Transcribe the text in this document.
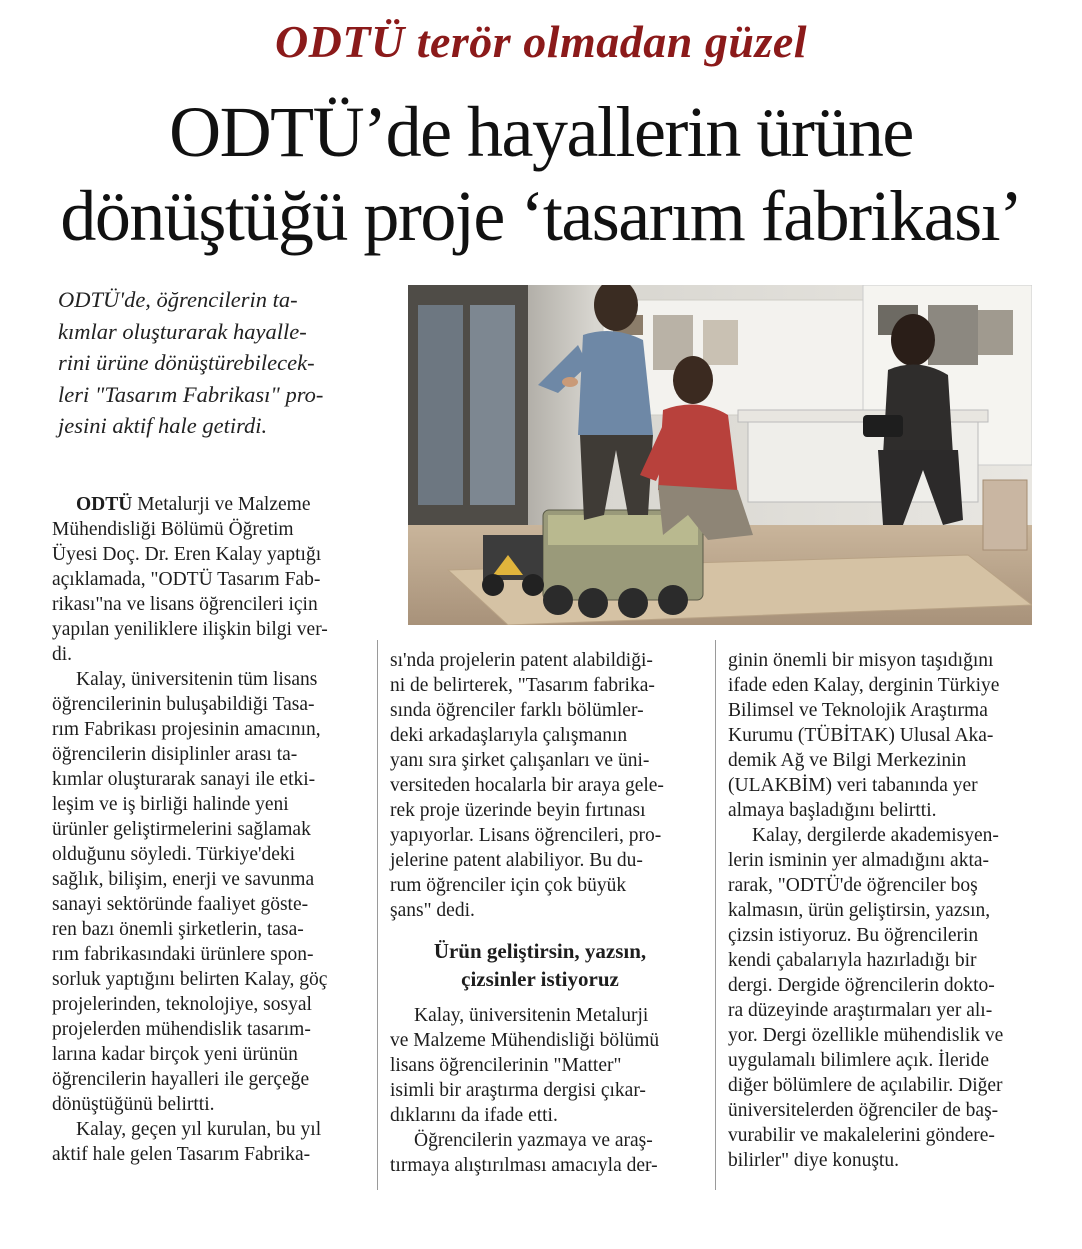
ODTÜ terör olmadan güzel
ODTÜ’de hayallerin ürüne
dönüştüğü proje ‘tasarım fabrikası’
ODTÜ'de, öğrencilerin ta-
kımlar oluşturarak hayalle-
rini ürüne dönüştürebilecek-
leri "Tasarım Fabrikası" pro-
jesini aktif hale getirdi.

ODTÜ Metalurji ve Malzeme

Mühendisliği Bölümü Öğretim

Üyesi Doç. Dr. Eren Kalay yaptığı

açıklamada, "ODTÜ Tasarım Fab-

rikası"na ve lisans öğrencileri için

yapılan yeniliklere ilişkin bilgi ver-

di.

Kalay, üniversitenin tüm lisans

öğrencilerinin buluşabildiği Tasa-

rım Fabrikası projesinin amacının,

öğrencilerin disiplinler arası ta-

kımlar oluşturarak sanayi ile etki-

leşim ve iş birliği halinde yeni

ürünler geliştirmelerini sağlamak

olduğunu söyledi. Türkiye'deki

sağlık, bilişim, enerji ve savunma

sanayi sektöründe faaliyet göste-

ren bazı önemli şirketlerin, tasa-

rım fabrikasındaki ürünlere spon-

sorluk yaptığını belirten Kalay, göç

projelerinden, teknolojiye, sosyal

projelerden mühendislik tasarım-

larına kadar birçok yeni ürünün

öğrencilerin hayalleri ile gerçeğe

dönüştüğünü belirtti.

Kalay, geçen yıl kurulan, bu yıl

aktif hale gelen Tasarım Fabrika-

sı'nda projelerin patent alabildiği-

ni de belirterek, "Tasarım fabrika-

sında öğrenciler farklı bölümler-

deki arkadaşlarıyla çalışmanın

yanı sıra şirket çalışanları ve üni-

versiteden hocalarla bir araya gele-

rek proje üzerinde beyin fırtınası

yapıyorlar. Lisans öğrencileri, pro-

jelerine patent alabiliyor. Bu du-

rum öğrenciler için çok büyük

şans" dedi.

Ürün geliştirsin, yazsın,
çizsinler istiyoruz

Kalay, üniversitenin Metalurji

ve Malzeme Mühendisliği bölümü

lisans öğrencilerinin "Matter"

isimli bir araştırma dergisi çıkar-

dıklarını da ifade etti.

Öğrencilerin yazmaya ve araş-

tırmaya alıştırılması amacıyla der-

ginin önemli bir misyon taşıdığını

ifade eden Kalay, derginin Türkiye

Bilimsel ve Teknolojik Araştırma

Kurumu (TÜBİTAK) Ulusal Aka-

demik Ağ ve Bilgi Merkezinin

(ULAKBİM) veri tabanında yer

almaya başladığını belirtti.

Kalay, dergilerde akademisyen-

lerin isminin yer almadığını akta-

rarak, "ODTÜ'de öğrenciler boş

kalmasın, ürün geliştirsin, yazsın,

çizsin istiyoruz. Bu öğrencilerin

kendi çabalarıyla hazırladığı bir

dergi. Dergide öğrencilerin dokto-

ra düzeyinde araştırmaları yer alı-

yor. Dergi özellikle mühendislik ve

uygulamalı bilimlere açık. İleride

diğer bölümlere de açılabilir. Diğer

üniversitelerden öğrenciler de baş-

vurabilir ve makalelerini göndere-

bilirler" diye konuştu.
